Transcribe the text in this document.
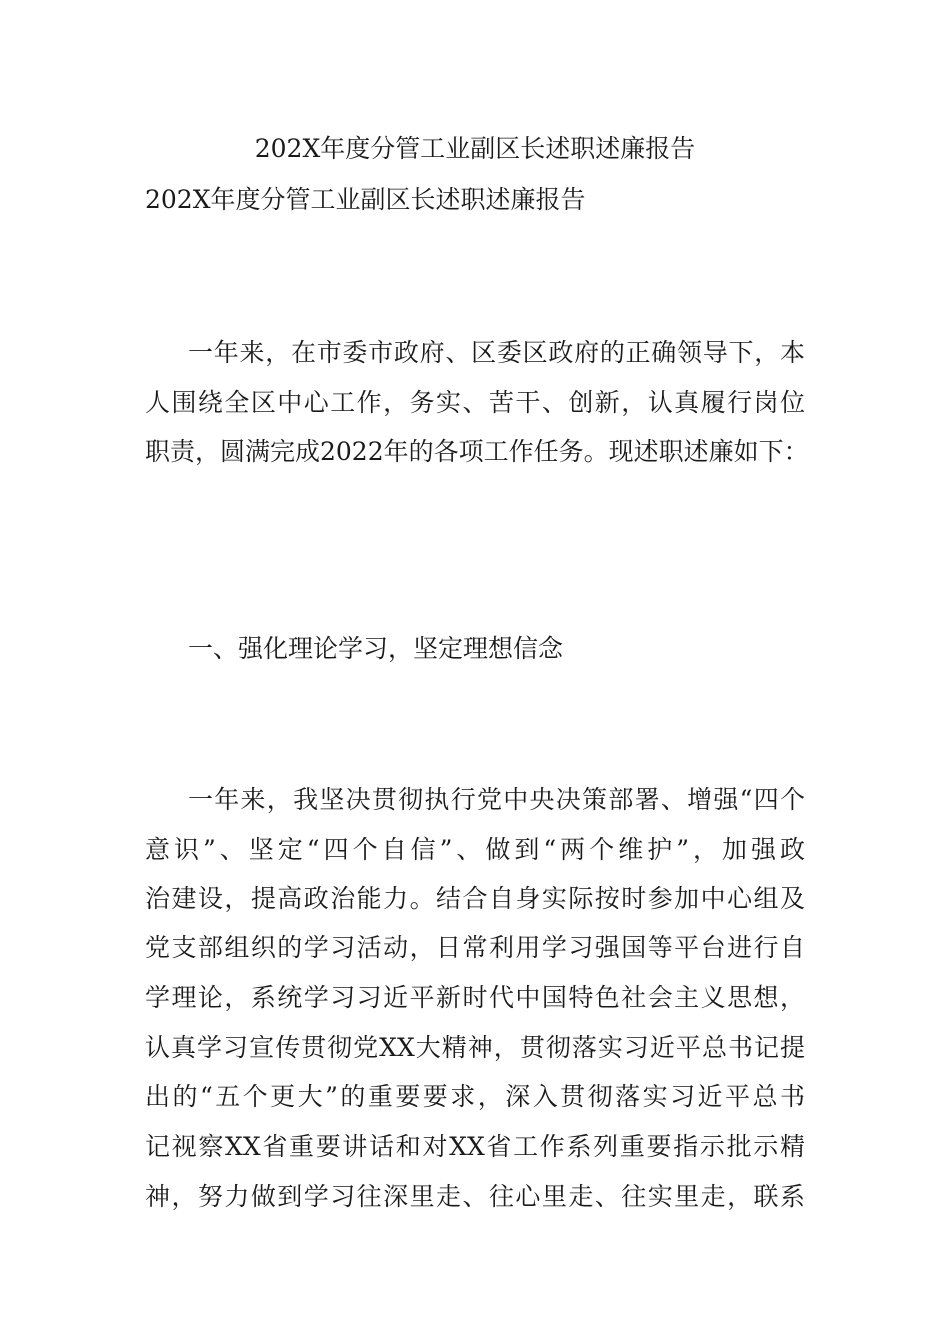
202X年度分管工业副区长述职述廉报告

202X年度分管工业副区长述职述廉报告

一年来，在市委市政府、区委区政府的正确领导下，本

人围绕全区中心工作，务实、苦干、创新，认真履行岗位

职责，圆满完成2022年的各项工作任务。现述职述廉如下：

一、强化理论学习，坚定理想信念

一年来，我坚决贯彻执行党中央决策部署、增强“四个

意识”、坚定“四个自信”、做到“两个维护”，加强政

治建设，提高政治能力。结合自身实际按时参加中心组及

党支部组织的学习活动，日常利用学习强国等平台进行自

学理论，系统学习习近平新时代中国特色社会主义思想，

认真学习宣传贯彻党XX大精神，贯彻落实习近平总书记提

出的“五个更大”的重要要求，深入贯彻落实习近平总书

记视察XX省重要讲话和对XX省工作系列重要指示批示精

神，努力做到学习往深里走、往心里走、往实里走，联系
